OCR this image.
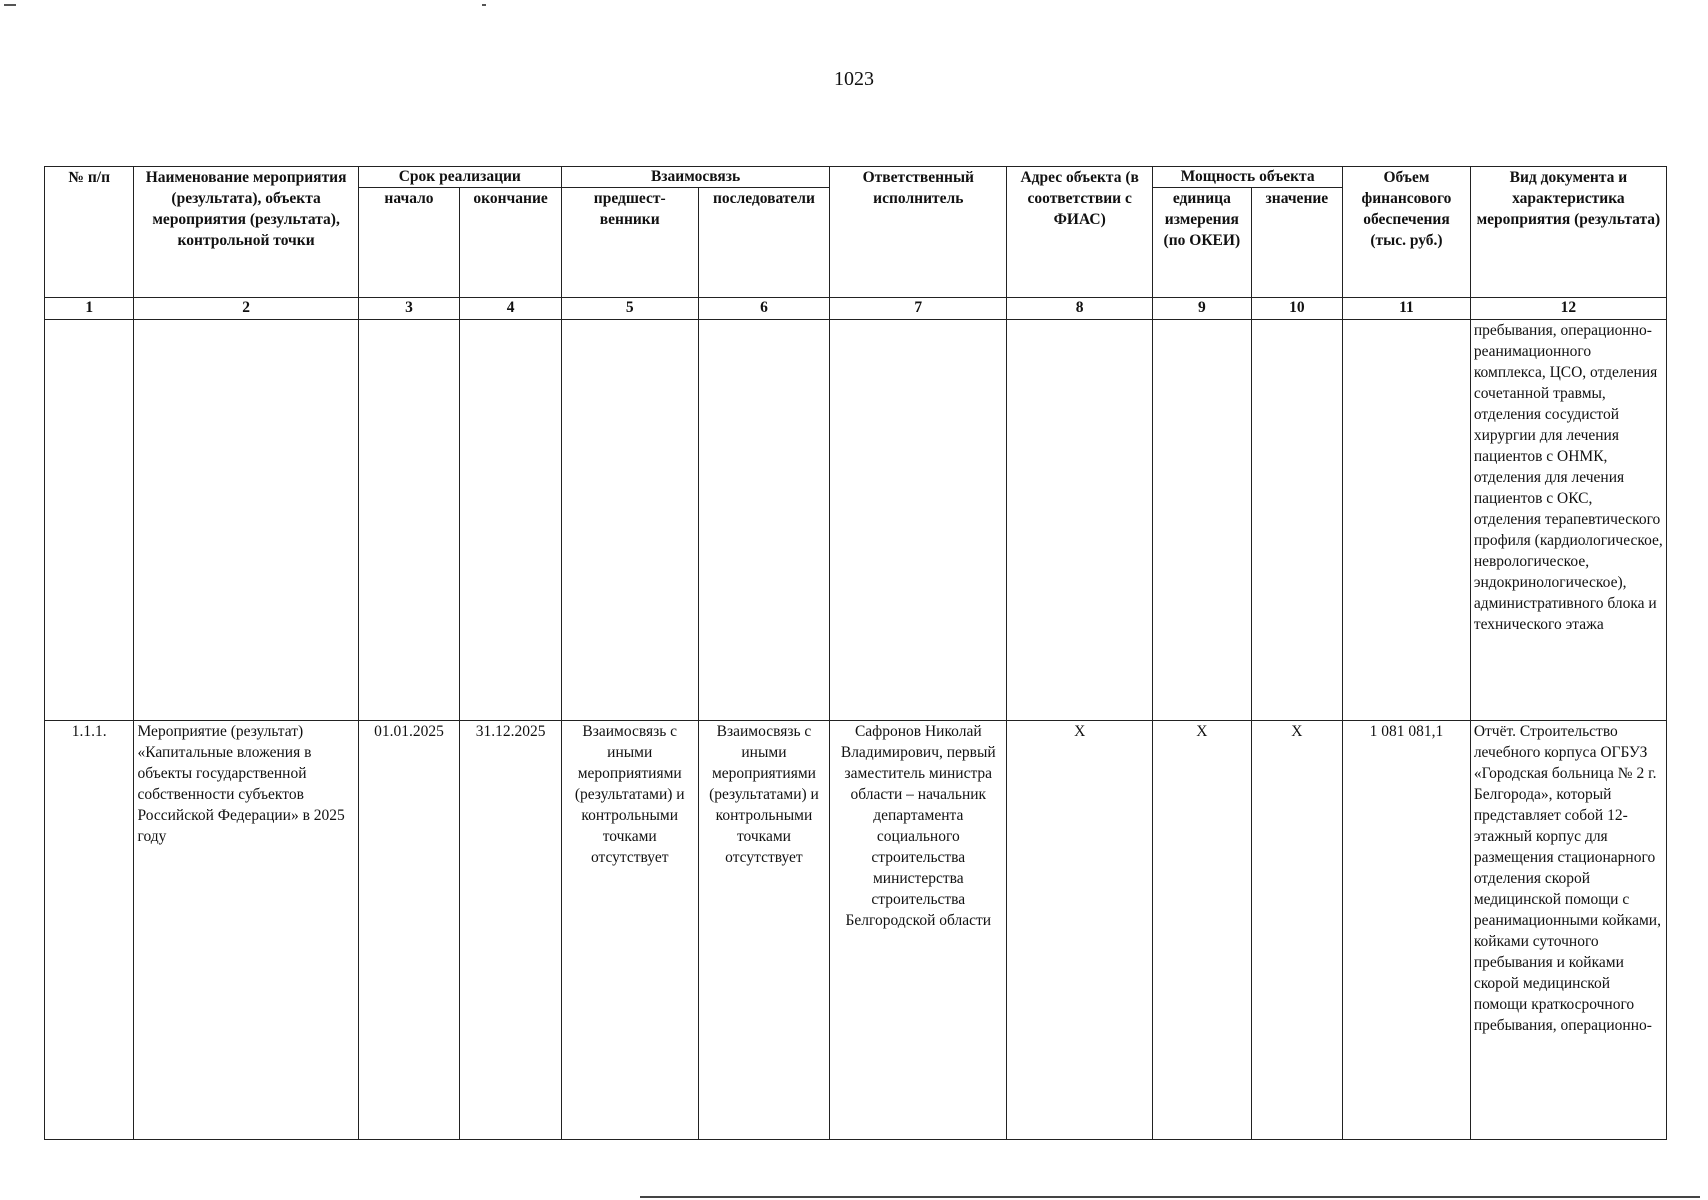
1023
№ п/п	Наименование мероприятия (результата), объекта мероприятия (результата), контрольной точки	Срок реализации		Взаимосвязь		Ответственный исполнитель	Адрес объекта (в соответствии с ФИАС)	Мощность объекта		Объем финансового обеспечения (тыс. руб.)	Вид документа и характеристика мероприятия (результата)
		начало	окончание	предшест-венники	последователи			единица измерения (по ОКЕИ)	значение		
1	2	3	4	5	6	7	8	9	10	11	12
											пребывания, операционно-реанимационного комплекса, ЦСО, отделения сочетанной травмы, отделения сосудистой хирургии для лечения пациентов с ОНМК, отделения для лечения пациентов с ОКС, отделения терапевтического профиля (кардиологическое, неврологическое, эндокринологическое), административного блока и технического этажа
1.1.1.	Мероприятие (результат) «Капитальные вложения в объекты государственной собственности субъектов Российской Федерации» в 2025 году	01.01.2025	31.12.2025	Взаимосвязь с иными мероприятиями (результатами) и контрольными точками отсутствует	Взаимосвязь с иными мероприятиями (результатами) и контрольными точками отсутствует	Сафронов Николай Владимирович, первый заместитель министра области – начальник департамента социального строительства министерства строительства Белгородской области	Х	Х	Х	1 081 081,1	Отчёт. Строительство лечебного корпуса ОГБУЗ «Городская больница № 2 г. Белгорода», который представляет собой 12-этажный корпус для размещения стационарного отделения скорой медицинской помощи с реанимационными койками, койками суточного пребывания и койками скорой медицинской помощи краткосрочного пребывания, операционно-
